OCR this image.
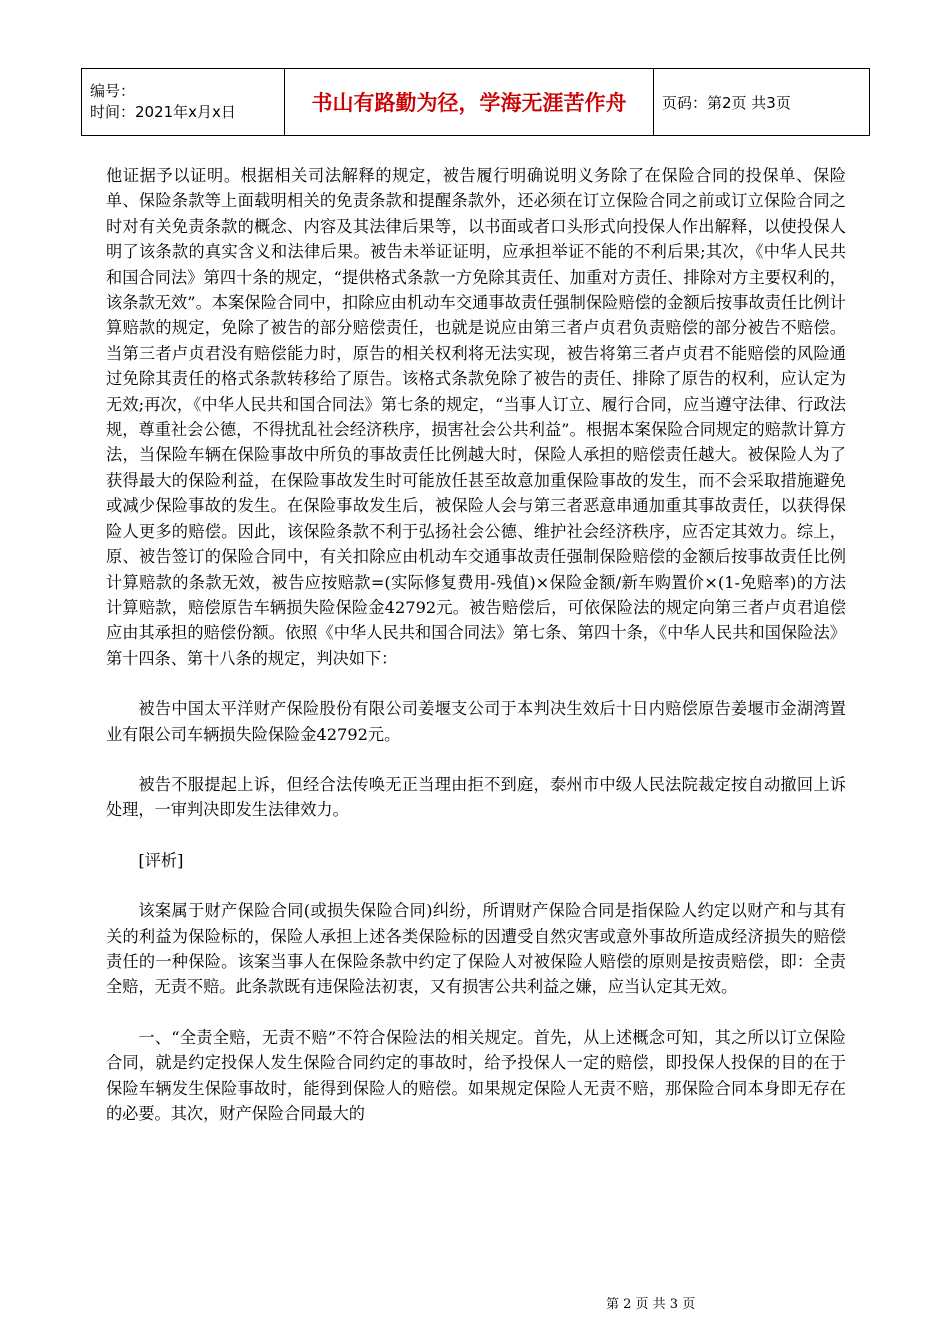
编号：
时间：2021年x月x日	书山有路勤为径，学海无涯苦作舟	页码：第2页 共3页

他证据予以证明。根据相关司法解释的规定，被告履行明确说明义务除了在保险合同的投保单、保险单、保险条款等上面载明相关的免责条款和提醒条款外，还必须在订立保险合同之前或订立保险合同之时对有关免责条款的概念、内容及其法律后果等，以书面或者口头形式向投保人作出解释，以使投保人明了该条款的真实含义和法律后果。被告未举证证明，应承担举证不能的不利后果;其次，《中华人民共和国合同法》第四十条的规定，“提供格式条款一方免除其责任、加重对方责任、排除对方主要权利的，该条款无效”。本案保险合同中，扣除应由机动车交通事故责任强制保险赔偿的金额后按事故责任比例计算赔款的规定，免除了被告的部分赔偿责任，也就是说应由第三者卢贞君负责赔偿的部分被告不赔偿。当第三者卢贞君没有赔偿能力时，原告的相关权利将无法实现，被告将第三者卢贞君不能赔偿的风险通过免除其责任的格式条款转移给了原告。该格式条款免除了被告的责任、排除了原告的权利，应认定为无效;再次，《中华人民共和国合同法》第七条的规定，“当事人订立、履行合同，应当遵守法律、行政法规，尊重社会公德，不得扰乱社会经济秩序，损害社会公共利益”。根据本案保险合同规定的赔款计算方法，当保险车辆在保险事故中所负的事故责任比例越大时，保险人承担的赔偿责任越大。被保险人为了获得最大的保险利益，在保险事故发生时可能放任甚至故意加重保险事故的发生，而不会采取措施避免或减少保险事故的发生。在保险事故发生后，被保险人会与第三者恶意串通加重其事故责任，以获得保险人更多的赔偿。因此，该保险条款不利于弘扬社会公德、维护社会经济秩序，应否定其效力。综上，原、被告签订的保险合同中，有关扣除应由机动车交通事故责任强制保险赔偿的金额后按事故责任比例计算赔款的条款无效，被告应按赔款=(实际修复费用-残值)×保险金额/新车购置价×(1-免赔率)的方法计算赔款，赔偿原告车辆损失险保险金42792元。被告赔偿后，可依保险法的规定向第三者卢贞君追偿应由其承担的赔偿份额。依照《中华人民共和国合同法》第七条、第四十条，《中华人民共和国保险法》第十四条、第十八条的规定，判决如下：

被告中国太平洋财产保险股份有限公司姜堰支公司于本判决生效后十日内赔偿原告姜堰市金湖湾置业有限公司车辆损失险保险金42792元。

被告不服提起上诉，但经合法传唤无正当理由拒不到庭，泰州市中级人民法院裁定按自动撤回上诉处理，一审判决即发生法律效力。

[评析]

该案属于财产保险合同(或损失保险合同)纠纷，所谓财产保险合同是指保险人约定以财产和与其有关的利益为保险标的，保险人承担上述各类保险标的因遭受自然灾害或意外事故所造成经济损失的赔偿责任的一种保险。该案当事人在保险条款中约定了保险人对被保险人赔偿的原则是按责赔偿，即：全责全赔，无责不赔。此条款既有违保险法初衷，又有损害公共利益之嫌，应当认定其无效。

一、“全责全赔，无责不赔”不符合保险法的相关规定。首先，从上述概念可知，其之所以订立保险合同，就是约定投保人发生保险合同约定的事故时，给予投保人一定的赔偿，即投保人投保的目的在于保险车辆发生保险事故时，能得到保险人的赔偿。如果规定保险人无责不赔，那保险合同本身即无存在的必要。其次，财产保险合同最大的

第 2 页 共 3 页
